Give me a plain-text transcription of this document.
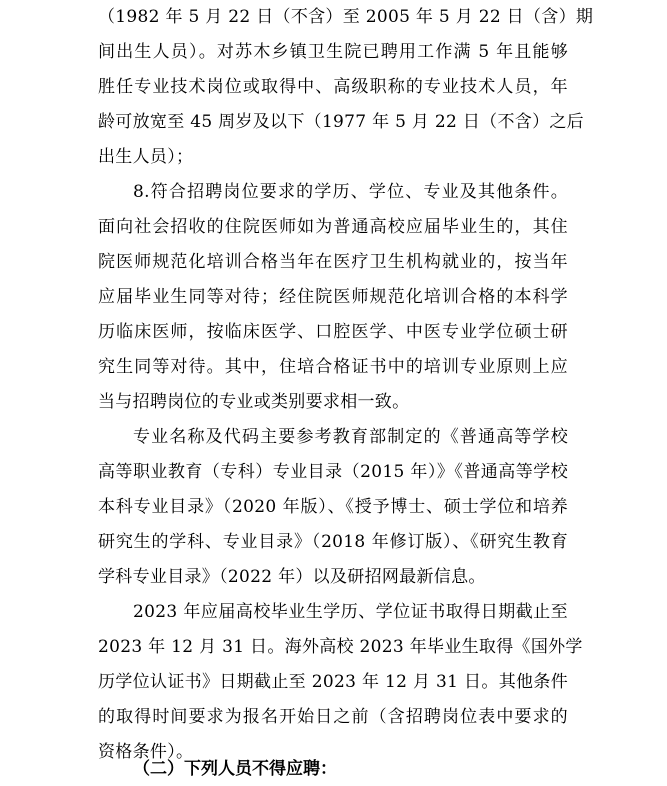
（1982 年 5 月 22 日（不含）至 2005 年 5 月 22 日（含）期
间出生人员）。对苏木乡镇卫生院已聘用工作满 5 年且能够
胜任专业技术岗位或取得中、高级职称的专业技术人员，年
龄可放宽至 45 周岁及以下（1977 年 5 月 22 日（不含）之后
出生人员）；
8.符合招聘岗位要求的学历、学位、专业及其他条件。
面向社会招收的住院医师如为普通高校应届毕业生的，其住
院医师规范化培训合格当年在医疗卫生机构就业的，按当年
应届毕业生同等对待；经住院医师规范化培训合格的本科学
历临床医师，按临床医学、口腔医学、中医专业学位硕士研
究生同等对待。其中，住培合格证书中的培训专业原则上应
当与招聘岗位的专业或类别要求相一致。
专业名称及代码主要参考教育部制定的《普通高等学校
高等职业教育（专科）专业目录（2015 年）》《普通高等学校
本科专业目录》（2020 年版）、《授予博士、硕士学位和培养
研究生的学科、专业目录》（2018 年修订版）、《研究生教育
学科专业目录》（2022 年）以及研招网最新信息。
2023 年应届高校毕业生学历、学位证书取得日期截止至
2023 年 12 月 31 日。海外高校 2023 年毕业生取得《国外学
历学位认证书》日期截止至 2023 年 12 月 31 日。其他条件
的取得时间要求为报名开始日之前（含招聘岗位表中要求的
资格条件）。
（二）下列人员不得应聘：
